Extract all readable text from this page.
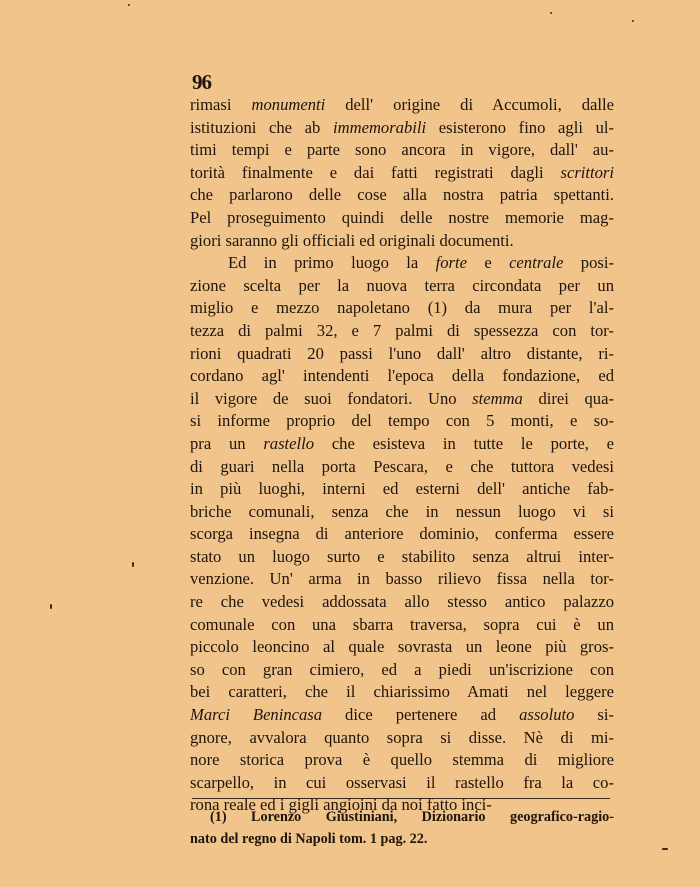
96
rimasi monumenti dell' origine di Accumoli, dalle
istituzioni che ab immemorabili esisterono fino agli ul-
timi tempi e parte sono ancora in vigore, dall' au-
torità finalmente e dai fatti registrati dagli scrittori
che parlarono delle cose alla nostra patria spettanti.
Pel proseguimento quindi delle nostre memorie mag-
giori saranno gli officiali ed originali documenti.
Ed in primo luogo la forte e centrale posi-
zione scelta per la nuova terra circondata per un
miglio e mezzo napoletano (1) da mura per l'al-
tezza di palmi 32, e 7 palmi di spessezza con tor-
rioni quadrati 20 passi l'uno dall' altro distante, ri-
cordano agl' intendenti l'epoca della fondazione, ed
il vigore de suoi fondatori. Uno stemma direi qua-
si informe proprio del tempo con 5 monti, e so-
pra un rastello che esisteva in tutte le porte, e
di guari nella porta Pescara, e che tuttora vedesi
in più luoghi, interni ed esterni dell' antiche fab-
briche comunali, senza che in nessun luogo vi si
scorga insegna di anteriore dominio, conferma essere
stato un luogo surto e stabilito senza altrui inter-
venzione. Un' arma in basso rilievo fissa nella tor-
re che vedesi addossata allo stesso antico palazzo
comunale con una sbarra traversa, sopra cui è un
piccolo leoncino al quale sovrasta un leone più gros-
so con gran cimiero, ed a piedi un'iscrizione con
bei caratteri, che il chiarissimo Amati nel leggere
Marci Benincasa dice pertenere ad assoluto si-
gnore, avvalora quanto sopra si disse. Nè di mi-
nore storica prova è quello stemma di migliore
scarpello, in cui osservasi il rastello fra la co-
rona reale ed i gigli angioini da noi fatto inci-
(1) Lorenzo Giustiniani, Dizionario geografico-ragio-
nato del regno di Napoli tom. 1 pag. 22.
